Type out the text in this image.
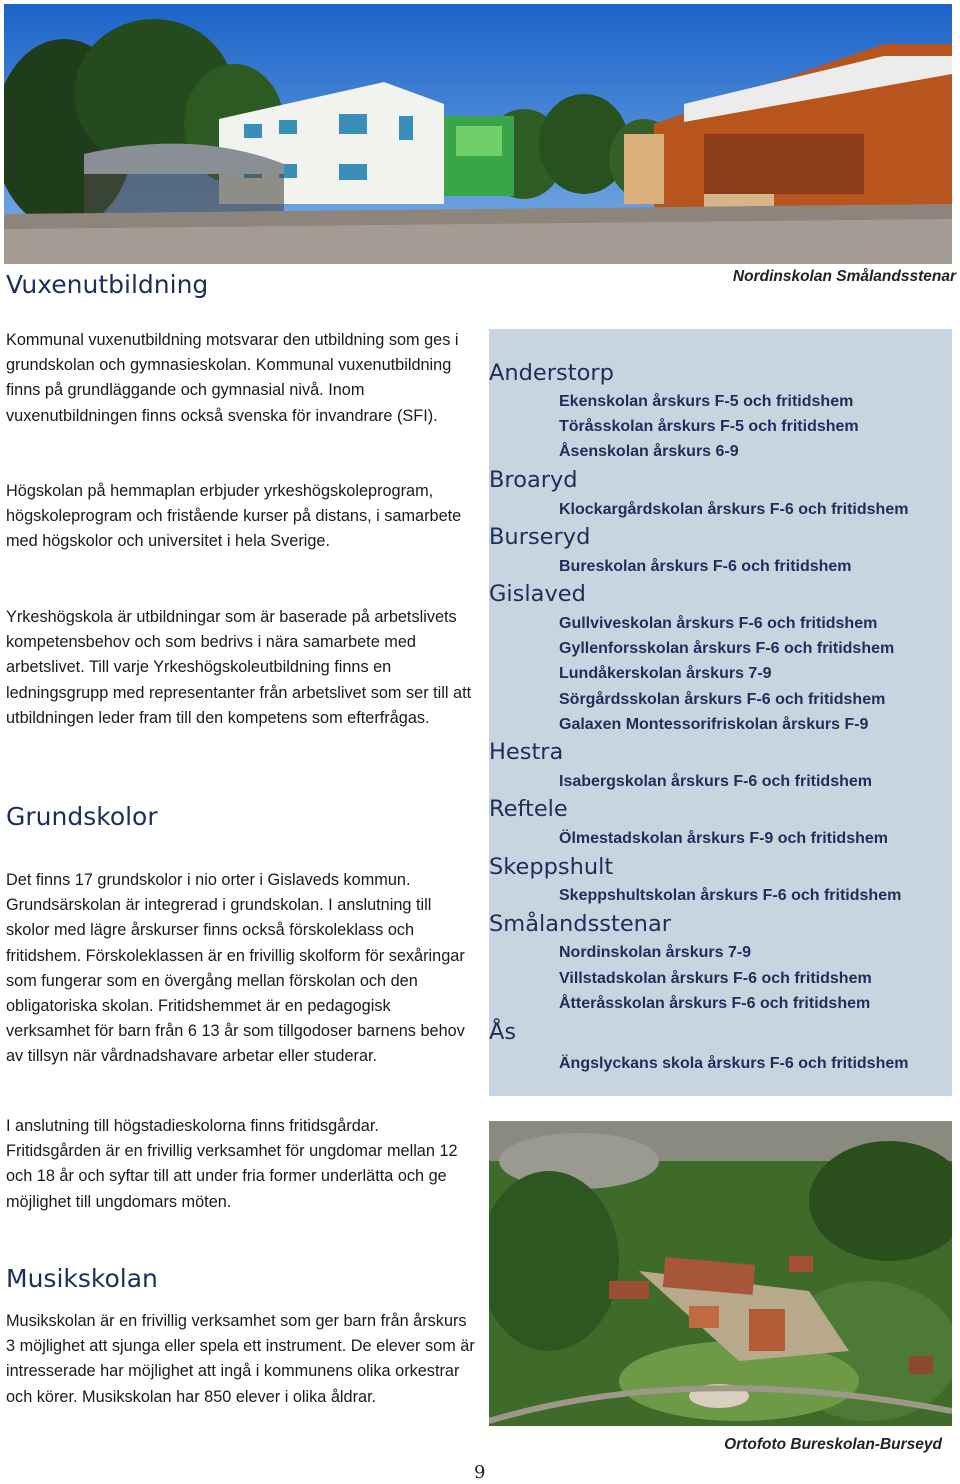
Nordinskolan Smålandsstenar
Vuxenutbildning

Kommunal vuxenutbildning motsvarar den utbildning som ges i grundskolan och gymnasieskolan. Kommunal vuxenutbildning finns på grundläggande och gymnasial nivå. Inom vuxenutbildningen finns också svenska för invandrare (SFI).

Högskolan på hemmaplan erbjuder yrkeshögskoleprogram, högskoleprogram och fristående kurser på distans, i samarbete med högskolor och universitet i hela Sverige.

Yrkeshögskola är utbildningar som är baserade på arbetslivets kompetensbehov och som bedrivs i nära samarbete med arbetslivet. Till varje Yrkeshögskoleutbildning finns en ledningsgrupp med representanter från arbetslivet som ser till att utbildningen leder fram till den kompetens som efterfrågas.

Grundskolor

Det finns 17 grundskolor i nio orter i Gislaveds kommun. Grundsärskolan är integrerad i grundskolan. I anslutning till skolor med lägre årskurser finns också förskoleklass och fritidshem. Förskoleklassen är en frivillig skolform för sexåringar som fungerar som en övergång mellan förskolan och den obligatoriska skolan. Fritidshemmet är en pedagogisk verksamhet för barn från 6 13 år som tillgodoser barnens behov av tillsyn när vårdnadshavare arbetar eller studerar.

I anslutning till högstadieskolorna finns fritidsgårdar. Fritidsgården är en frivillig verksamhet för ungdomar mellan 12 och 18 år och syftar till att under fria former underlätta och ge möjlighet till ungdomars möten.

Musikskolan

Musikskolan är en frivillig verksamhet som ger barn från årskurs 3 möjlighet att sjunga eller spela ett instrument. De elever som är intresserade har möjlighet att ingå i kommunens olika orkestrar och körer. Musikskolan har 850 elever i olika åldrar.

Anderstorp
Ekenskolan årskurs F-5 och fritidshem
Töråsskolan årskurs F-5 och fritidshem
Åsenskolan årskurs 6-9
Broaryd
Klockargårdskolan årskurs F-6 och fritidshem
Burseryd
Bureskolan årskurs F-6 och fritidshem
Gislaved
Gullviveskolan årskurs F-6 och fritidshem
Gyllenforsskolan årskurs F-6 och fritidshem
Lundåkerskolan årskurs 7-9
Sörgårdsskolan årskurs F-6 och fritidshem
Galaxen Montessorifriskolan årskurs F-9
Hestra
Isabergskolan årskurs F-6 och fritidshem
Reftele
Ölmestadskolan årskurs F-9 och fritidshem
Skeppshult
Skeppshultskolan årskurs F-6 och fritidshem
Smålandsstenar
Nordinskolan årskurs 7-9
Villstadskolan årskurs F-6 och fritidshem
Åtteråsskolan årskurs F-6 och fritidshem
Ås
Ängslyckans skola årskurs F-6 och fritidshem
Ortofoto Bureskolan-Burseyd
9
